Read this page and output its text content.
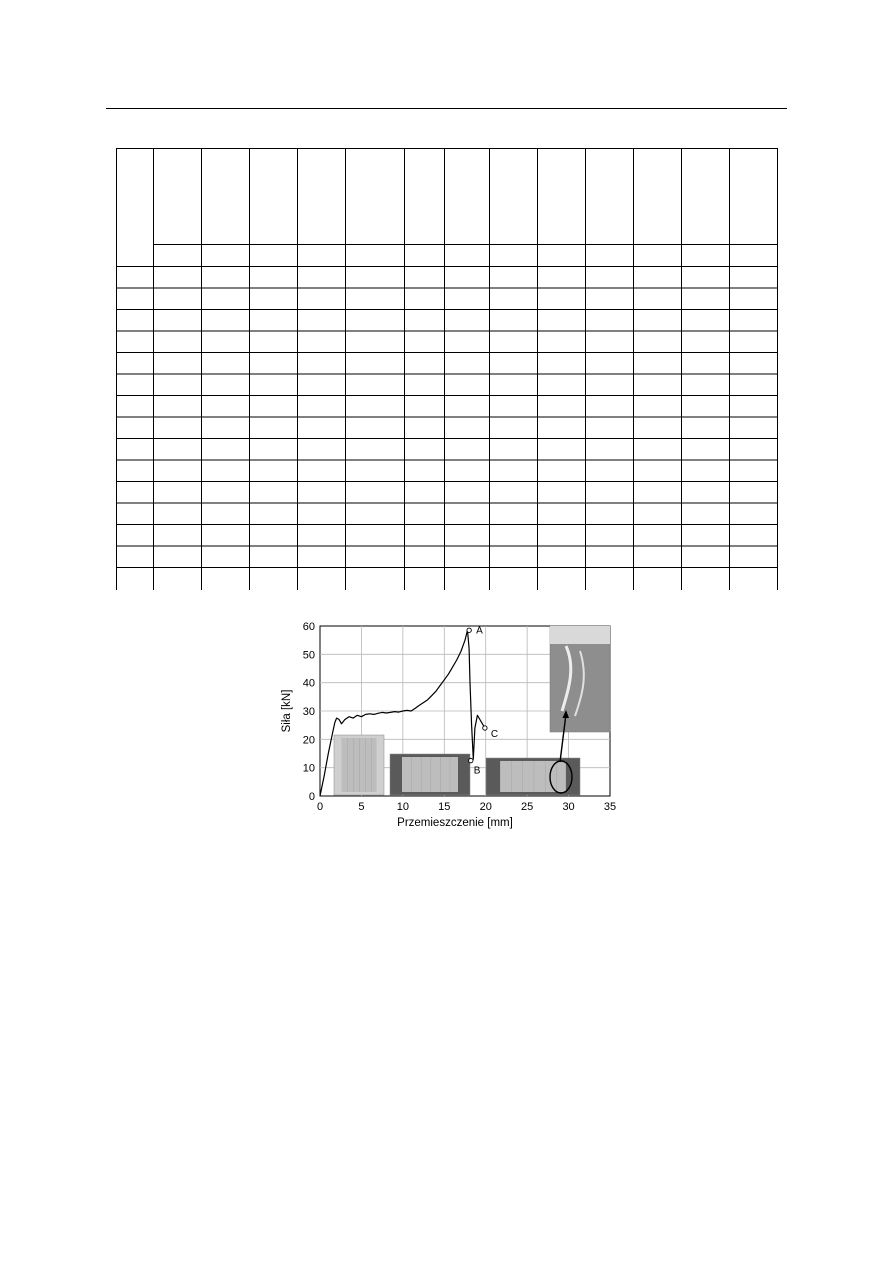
0	5	10	15	20	25	30	35
0
10
20
30
40
50
60
Przemieszczenie [mm]
Siła [kN]
A
B
C
